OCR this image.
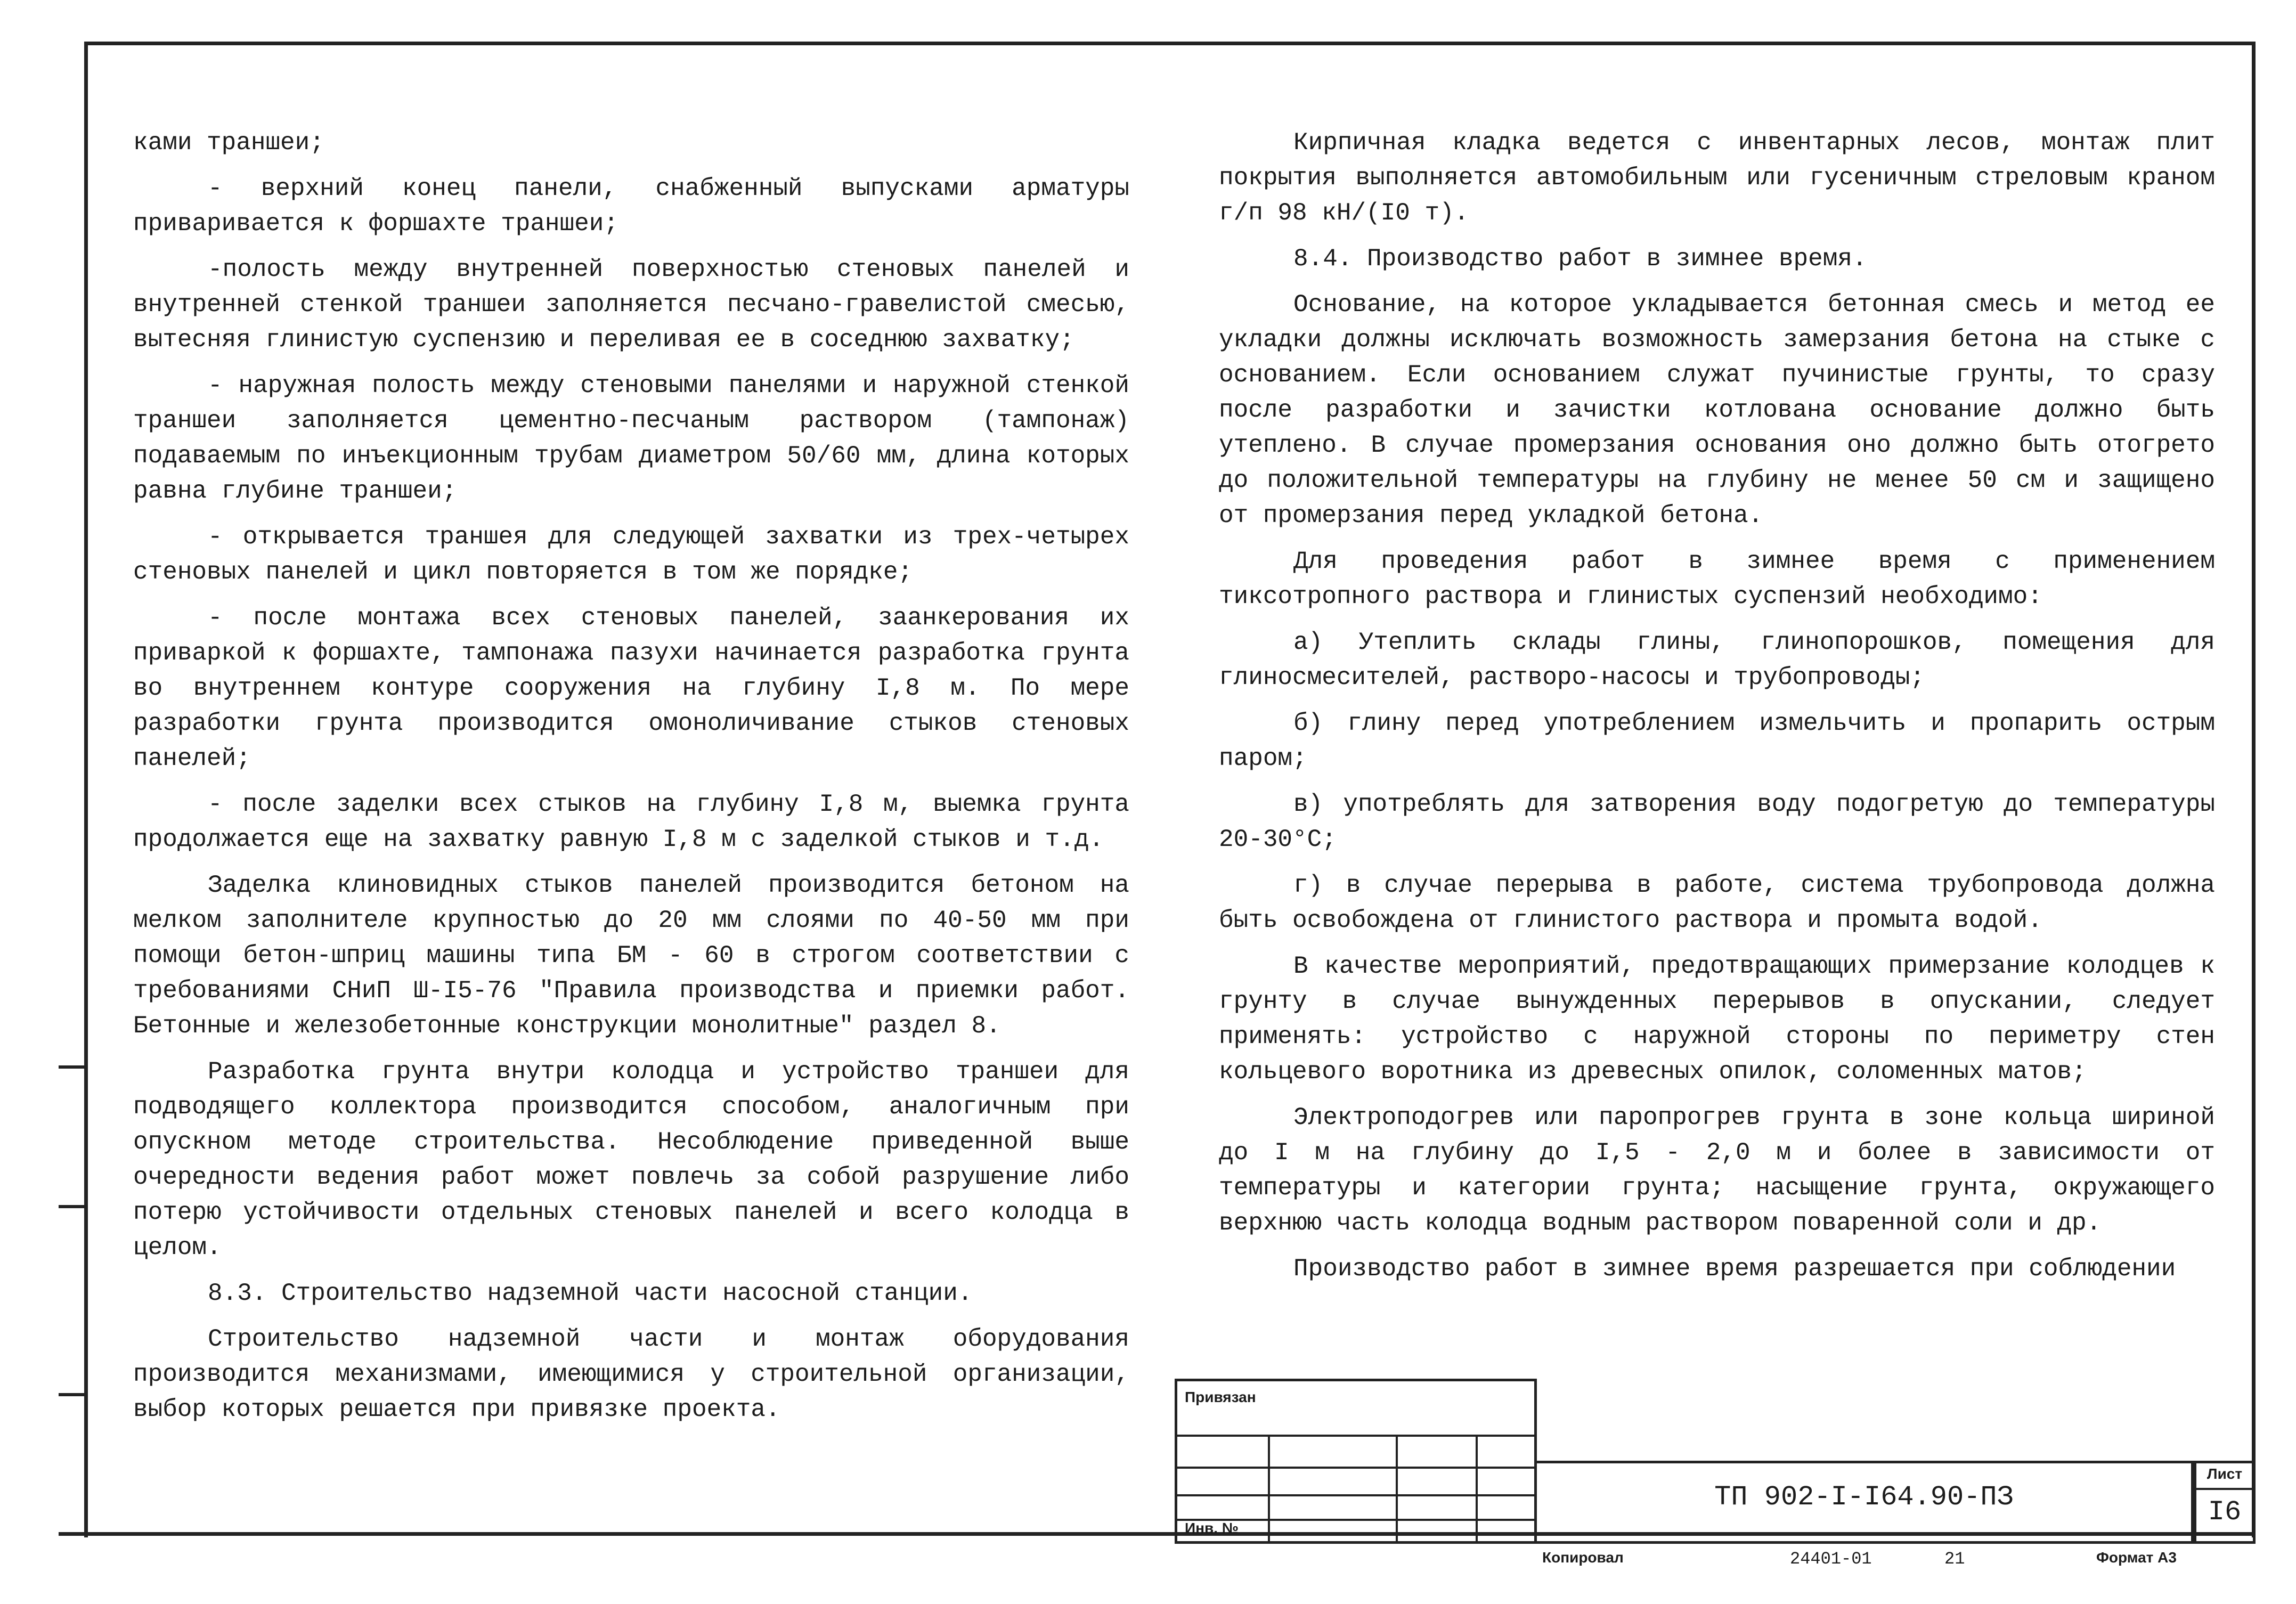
ками траншеи;

- верхний конец панели, снабженный выпусками арматуры привариваeтся к форшахте траншеи;

-полость между внутренней поверхностью стеновых панелей и внутренней стенкой траншеи заполняется песчано-гравелистой смесью, вытесняя глинистую суспензию и переливая ее в соседнюю захватку;

- наружная полость между стеновыми панелями и наружной стенкой траншеи заполняется цементно-песчаным раствором (тампонаж) подаваемым по инъекционным трубам диаметром 50/60 мм, длина которых равна глубине траншеи;

- открывается траншея для следующей захватки из трех-четырех стеновых панелей и цикл повторяется в том же порядке;

- после монтажа всех стеновых панелей, заанкерования их приваркой к форшахте, тампонажа пазухи начинается разработка грунта во внутреннем контуре сооружения на глубину I,8 м. По мере разработки грунта производится омоноличивание стыков стеновых панелей;

- после заделки всех стыков на глубину I,8 м, выемка грунта продолжается еще на захватку равную I,8 м с заделкой стыков и т.д.

Заделка клиновидных стыков панелей производится бетоном на мелком заполнителе крупностью до 20 мм слоями по 40-50 мм при помощи бетон-шприц машины типа БМ - 60 в строгом соответствии с требованиями СНиП Ш-I5-76 "Правила производства и приемки работ. Бетонные и железобетонные конструкции монолитные" раздел 8.

Разработка грунта внутри колодца и устройство траншеи для подводящего коллектора производится способом, аналогичным при опускном методе строительства. Несоблюдение приведенной выше очередности ведения работ может повлечь за собой разрушение либо потерю устойчивости отдельных стеновых панелей и всего колодца в целом.

8.3. Строительство надземной части насосной станции.

Строительство надземной части и монтаж оборудования производится механизмами, имеющимися у строительной организации, выбор которых решается при привязке проекта.

Кирпичная кладка ведется с инвентарных лесов, монтаж плит покрытия выполняется автомобильным или гусеничным стреловым краном г/п 98 кН/(I0 т).

8.4. Производство работ в зимнее время.

Основание, на которое укладывается бетонная смесь и метод ее укладки должны исключать возможность замерзания бетона на стыке с основанием. Если основанием служат пучинистые грунты, то сразу после разработки и зачистки котлована основание должно быть утеплено. В случае промерзания основания оно должно быть отогрето до положительной температуры на глубину не менее 50 см и защищено от промерзания перед укладкой бетона.

Для проведения работ в зимнее время с применением тиксотропного раствора и глинистых суспензий необходимо:

а) Утеплить склады глины, глинопорошков, помещения для глиносмесителей, растворо-насосы и трубопроводы;

б) глину перед употреблением измельчить и пропарить острым паром;

в) употреблять для затворения воду подогретую до температуры 20-30°С;

г) в случае перерыва в работе, система трубопровода должна быть освобождена от глинистого раствора и промыта водой.

В качестве мероприятий, предотвращающих примерзание колодцев к грунту в случае вынужденных перерывов в опускании, следует применять: устройство с наружной стороны по периметру стен кольцевого воротника из древесных опилок, соломенных матов;

Электроподогрев или паропрогрев грунта в зоне кольца шириной до I м на глубину до I,5 - 2,0 м и более в зависимости от температуры и категории грунта; насыщение грунта, окружающего верхнюю часть колодца водным раствором поваренной соли и др.

Производство работ в зимнее время разрешается при соблюдении

Привязан
Инв. №
ТП 902-I-I64.90-ПЗ
Лист
I6
Копировал	24401-01	21	Формат А3
